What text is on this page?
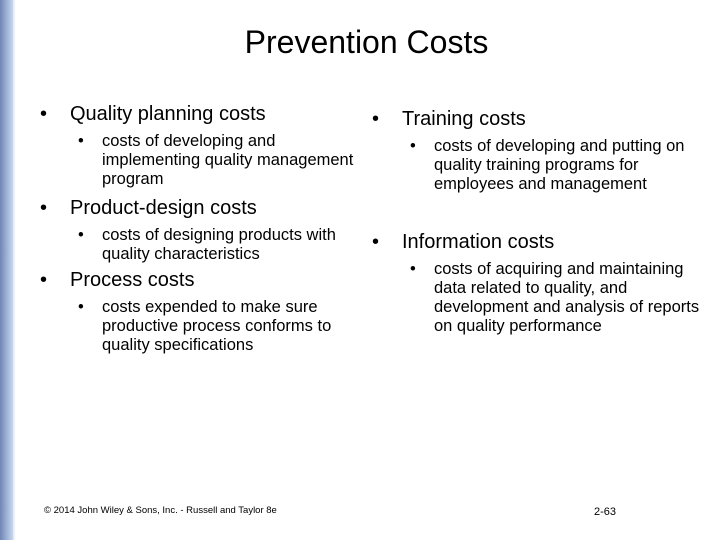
Prevention Costs
• Quality planning costs
• costs of developing and implementing quality management program
• Product-design costs
• costs of designing products with quality characteristics
• Process costs
• costs expended to make sure productive process conforms to quality specifications
• Training costs
• costs of developing and putting on quality training programs for employees and management
• Information costs
• costs of acquiring and maintaining data related to quality, and development and analysis of reports on quality performance
© 2014 John Wiley & Sons, Inc. - Russell and Taylor 8e	2-63
